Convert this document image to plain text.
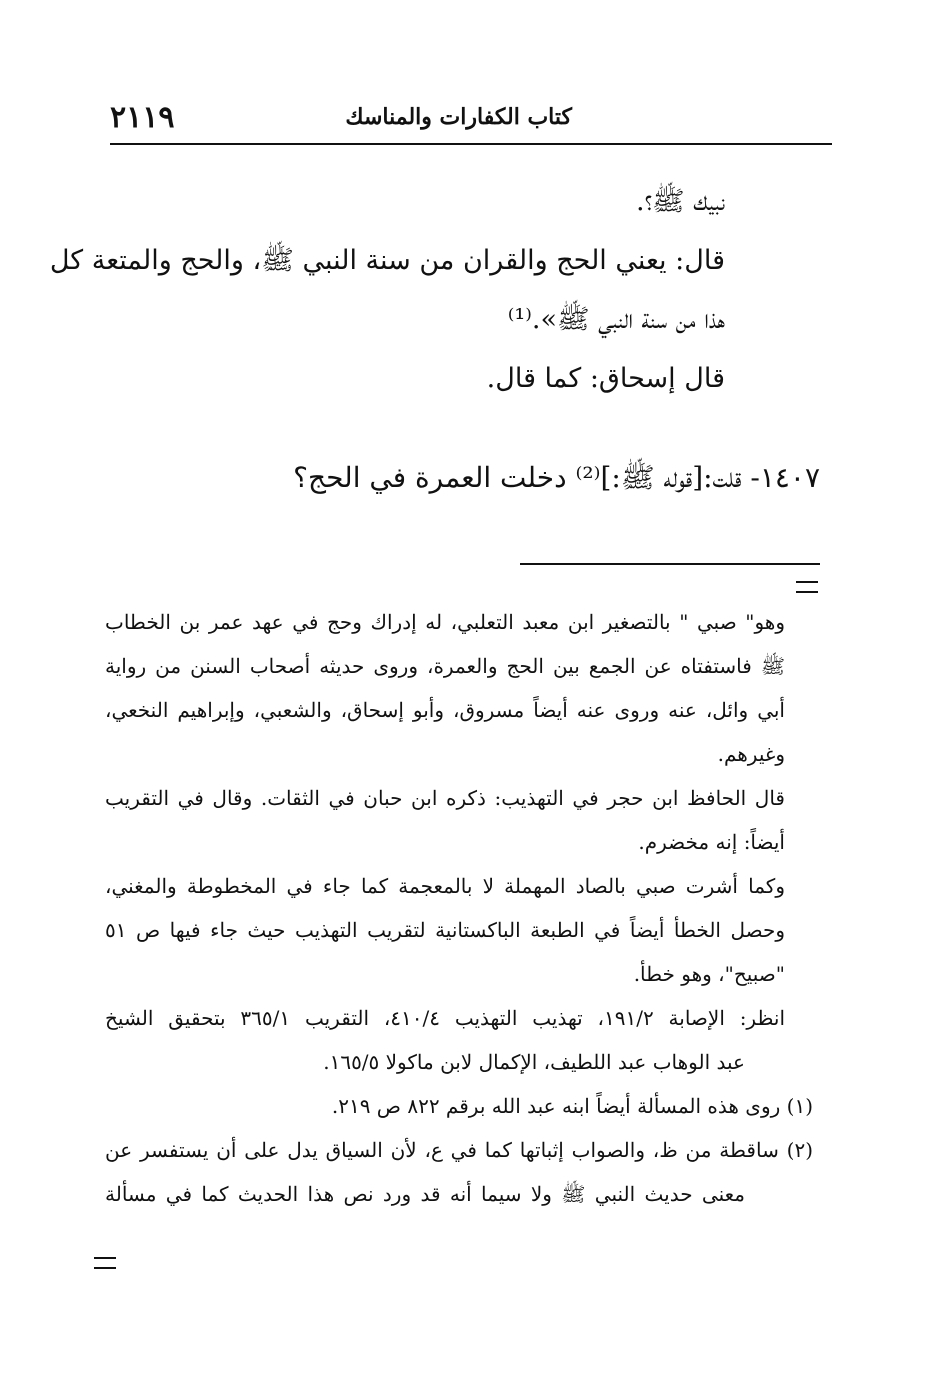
٢١١٩	كتاب الكفارات والمناسك
نبيك ﷺ؟.
قال: يعني الحج والقران من سنة النبي ﷺ، والحج والمتعة كل
هذا من سنة النبي ﷺ».⁽¹⁾
قال إسحاق: كما قال.
١٤٠٧- قلت:[قوله ﷺ:]⁽²⁾ دخلت العمرة في الحج؟
وهو" صبي " بالتصغير ابن معبد التعلبي، له إدراك وحج في عهد عمر بن الخطاب
ﷺ فاستفتاه عن الجمع بين الحج والعمرة، وروى حديثه أصحاب السنن من رواية
أبي وائل، عنه وروى عنه أيضاً مسروق، وأبو إسحاق، والشعبي، وإبراهيم النخعي،
وغيرهم.
قال الحافظ ابن حجر في التهذيب: ذكره ابن حبان في الثقات. وقال في التقريب
أيضاً: إنه مخضرم.
وكما أشرت صبي بالصاد المهملة لا بالمعجمة كما جاء في المخطوطة والمغني،
وحصل الخطأ أيضاً في الطبعة الباكستانية لتقريب التهذيب حيث جاء فيها ص ٥١
"صبيح"، وهو خطأ.
انظر: الإصابة ١٩١/٢، تهذيب التهذيب ٤١٠/٤، التقريب ٣٦٥/١ بتحقيق الشيخ
عبد الوهاب عبد اللطيف، الإكمال لابن ماكولا ١٦٥/٥.
(١) روى هذه المسألة أيضاً ابنه عبد الله برقم ٨٢٢ ص ٢١٩.
(٢) ساقطة من ظ، والصواب إثباتها كما في ع، لأن السياق يدل على أن يستفسر عن
معنى حديث النبي ﷺ ولا سيما أنه قد ورد نص هذا الحديث كما في مسألة
